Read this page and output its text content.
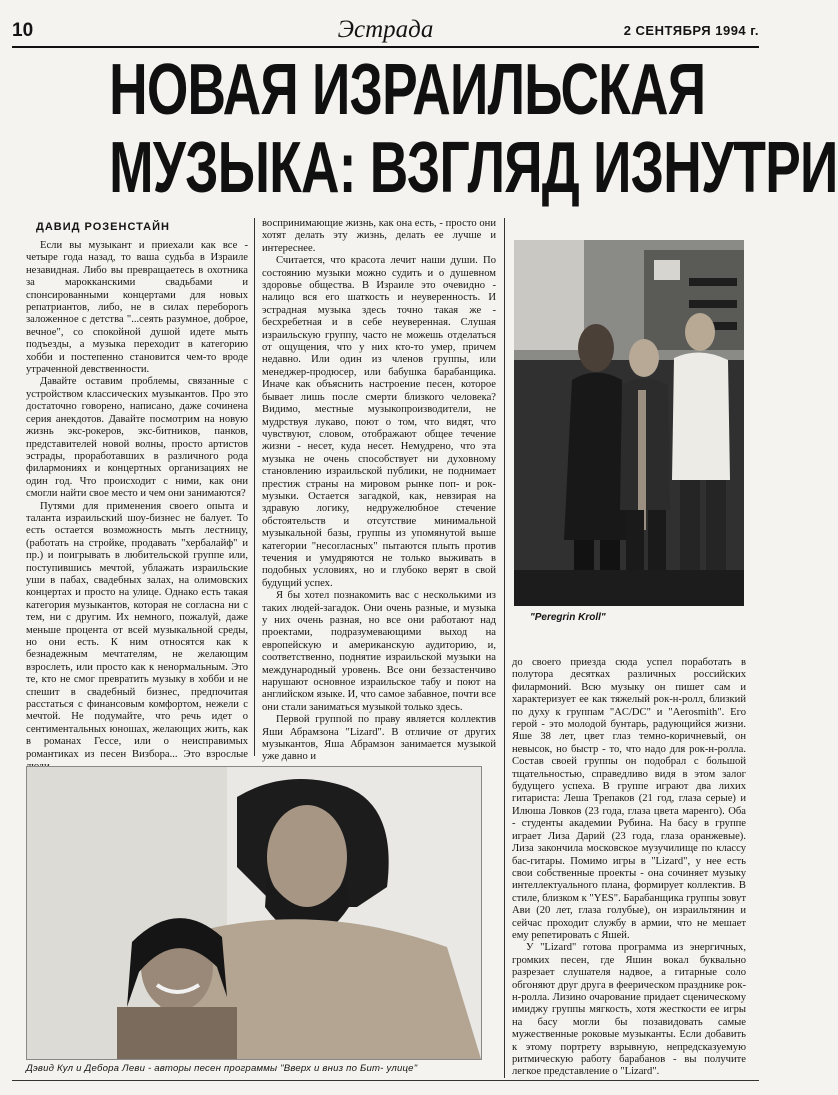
10	Эстрада	2 СЕНТЯБРЯ 1994 г.
НОВАЯ ИЗРАИЛЬСКАЯ
МУЗЫКА: ВЗГЛЯД ИЗНУТРИ
ДАВИД РОЗЕНСТАЙН

Если вы музыкант и приехали как все - четыре года назад, то ваша судьба в Израиле незавидная. Либо вы превращаетесь в охотника за марокканскими свадьбами и спонсированными концертами для новых репатриантов, либо, не в силах переборогь заложенное с детства "...сеять разумное, доброе, вечное", со спокойной душой идете мыть подъезды, а музыка переходит в категорию хобби и постепенно становится чем-то вроде утраченной девственности.

Давайте оставим проблемы, связанные с устройством классических музыкантов. Про это достаточно говорено, написано, даже сочинена серия анекдотов. Давайте посмотрим на новую жизнь экс-рокеров, экс-битников, панков, представителей новой волны, просто артистов эстрады, проработавших в различного рода филармониях и концертных организациях не один год. Что происходит с ними, как они смогли найти свое место и чем они занимаются?

Путями для применения своего опыта и таланта израильский шоу-бизнес не балует. То есть остается возможность мыть лестницу, (работать на стройке, продавать "хербалайф" и пр.) и поигрывать в любительской группе или, поступившись мечтой, ублажать израильские уши в пабах, свадебных залах, на олимовских концертах и просто на улице. Однако есть такая категория музыкантов, которая не согласна ни с тем, ни с другим. Их немного, пожалуй, даже меньше процента от всей музыкальной среды, но они есть. К ним относятся как к безнадежным мечтателям, не желающим взрослеть, или просто как к ненормальным. Это те, кто не смог превратить музыку в хобби и не спешит в свадебный бизнес, предпочитая расстаться с финансовым комфортом, нежели с мечтой. Не подумайте, что речь идет о сентиментальных юношах, желающих жить, как в романах Гессе, или о неисправимых романтиках из песен Визбора... Это взрослые

воспринимающие жизнь, как она есть, - просто они хотят делать эту жизнь, делать ее лучше и интереснее.

Считается, что красота лечит наши души. По состоянию музыки можно судить и о душевном здоровье общества. В Израиле это очевидно - налицо вся его шаткость и неуверенность. И эстрадная музыка здесь точно такая же - бесхребетная и в себе неуверенная. Слушая израильскую группу, часто не можешь отделаться от ощущения, что у них кто-то умер, причем недавно. Или один из членов группы, или менеджер-продюсер, или бабушка барабанщика. Иначе как объяснить настроение песен, которое бывает лишь после смерти близкого человека? Видимо, местные музыкопроизводители, не мудрствуя лукаво, поют о том, что видят, что чувствуют, словом, отображают общее течение жизни - несет, куда несет. Немудрено, что эта музыка не очень способствует ни духовному становлению израильской публики, не поднимает престиж страны на мировом рынке поп- и рок-музыки. Остается загадкой, как, невзирая на здравую логику, недружелюбное стечение обстоятельств и отсутствие минимальной музыкальной базы, группы из упомянутой выше категории "несогласных" пытаются плыть против течения и умудряются не только выживать в подобных условиях, но и глубоко верят в свой будущий успех.

Я бы хотел познакомить вас с несколькими из таких людей-загадок. Они очень разные, и музыка у них очень разная, но все они работают над проектами, подразумевающими выход на европейскую и американскую аудиторию, и, соответственно, поднятие израильской музыки на международный уровень. Все они беззастенчиво нарушают основное израильское табу и поют на английском языке. И, что самое забавное, почти все они стали заниматься музыкой только здесь.

Первой группой по праву является коллектив Яши Абрамзона "Lizard". В отличие от других музыкантов, Яша Абрамзон занимается музыкой уже давно и

"Peregrin Kroll"

до своего приезда сюда успел поработать в полутора десятках различных российских филармоний. Всю музыку он пишет сам и характеризует ее как тяжелый рок-н-ролл, близкий по духу к группам "AC/DC" и "Aerosmith". Его герой - это молодой бунтарь, радующийся жизни. Яше 38 лет, цвет глаз темно-коричневый, он невысок, но быстр - то, что надо для рок-н-ролла. Состав своей группы он подобрал с большой тщательностью, справедливо видя в этом залог будущего успеха. В группе играют два лихих гитариста: Леша Трепаков (21 год, глаза серые) и Илюша Ловков (23 года, глаза цвета маренго). Оба - студенты академии Рубина. На басу в группе играет Лиза Дарий (23 года, глаза оранжевые). Лиза закончила московское музучилище по классу бас-гитары. Помимо игры в "Lizard", у нее есть свои собственные проекты - она сочиняет музыку интеллектуального плана, формирует коллектив. В стиле, близком к "YES". Барабанщика группы зовут Ави (20 лет, глаза голубые), он израильтянин и сейчас проходит службу в армии, что не мешает ему репетировать с Яшей.

У "Lizard" готова программа из энергичных, громких песен, где Яшин вокал буквально разрезает слушателя надвое, а гитарные соло обгоняют друг друга в феерическом празднике рок-н-ролла. Лизино очарование придает сценическому имиджу группы мягкость, хотя жесткости ее игры на басу могли бы позавидовать самые мужественные роковые музыканты. Если добавить к этому портрету взрывную, непредсказуемую ритмическую работу барабанов - вы получите легкое представление о "Lizard".

Дэвид Кул и Дебора Леви - авторы песен программы "Вверх и вниз по Бит- улице"
